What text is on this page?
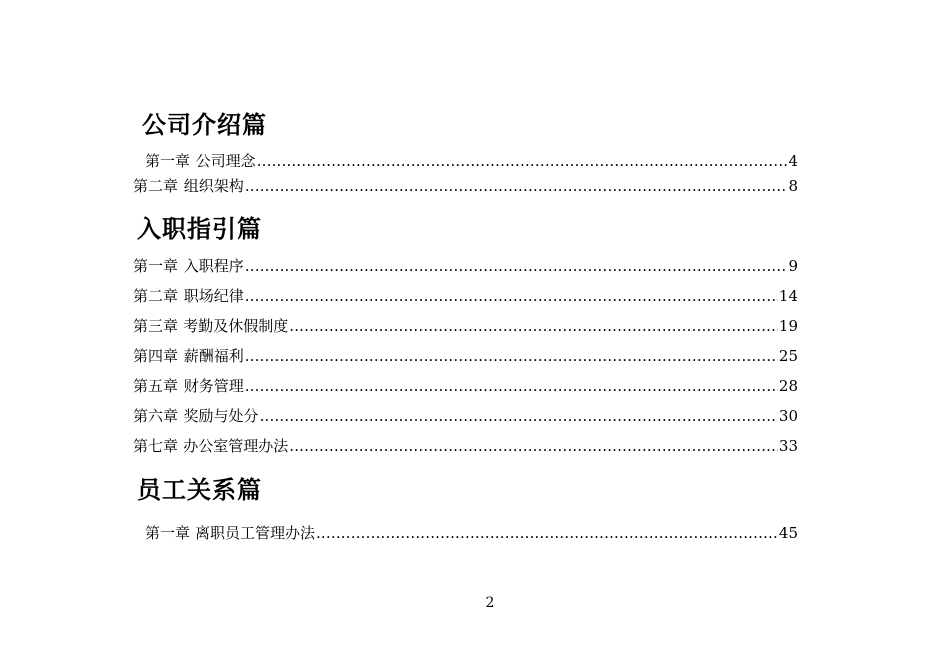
公司介绍篇
第一章 公司理念 .....	4
第二章 组织架构 .....	8
入职指引篇
第一章 入职程序 .....	9
第二章 职场纪律 .....	14
第三章 考勤及休假制度 .....	19
第四章 薪酬福利 .....	25
第五章 财务管理 .....	28
第六章 奖励与处分 .....	30
第七章 办公室管理办法 .....	33
员工关系篇
第一章 离职员工管理办法 .....	45
2
